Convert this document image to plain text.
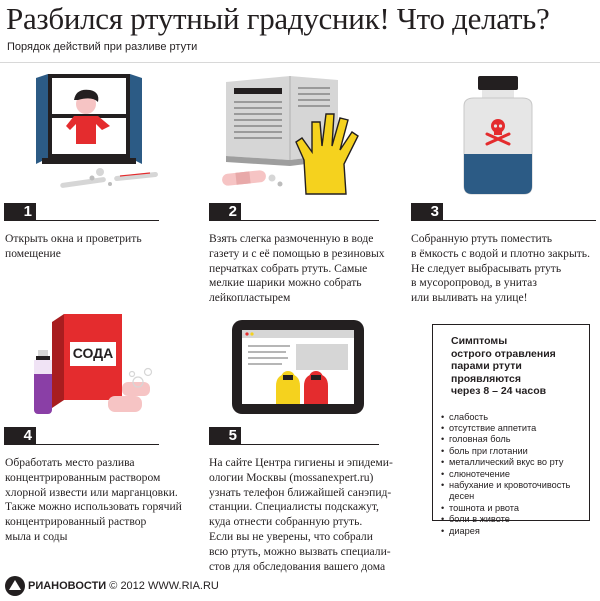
Разбился ртутный градусник! Что делать?
Порядок действий при разливе ртути
СОДА
1	2	3
4	5
Открыть окна и проветрить
помещение
Взять слегка размоченную в воде
газету и с её помощью в резиновых
перчатках собрать ртуть. Самые
мелкие шарики можно собрать
лейкопластырем
Собранную ртуть поместить
в ёмкость с водой и плотно закрыть.
Не следует выбрасывать ртуть
в мусоропровод, в унитаз
или выливать на улице!
Обработать место разлива
концентрированным раствором
хлорной извести или марганцовки.
Также можно использовать горячий
концентрированный раствор
мыла и соды
На сайте Центра гигиены и эпидеми-
ологии Москвы (mossanexpert.ru)
узнать телефон ближайшей санэпид-
станции. Специалисты подскажут,
куда отнести собранную ртуть.
Если вы не уверены, что собрали
всю ртуть, можно вызвать специали-
стов для обследования вашего дома
Симптомы
острого отравления
парами ртути проявляются
через 8 – 24 часов
• слабость
• отсутствие аппетита
• головная боль
• боль при глотании
• металлический вкус во рту
• слюнотечение
• набухание и кровоточивость десен
• тошнота и рвота
• боли в животе
• диарея
РИАНОВОСТИ © 2012 WWW.RIA.RU
